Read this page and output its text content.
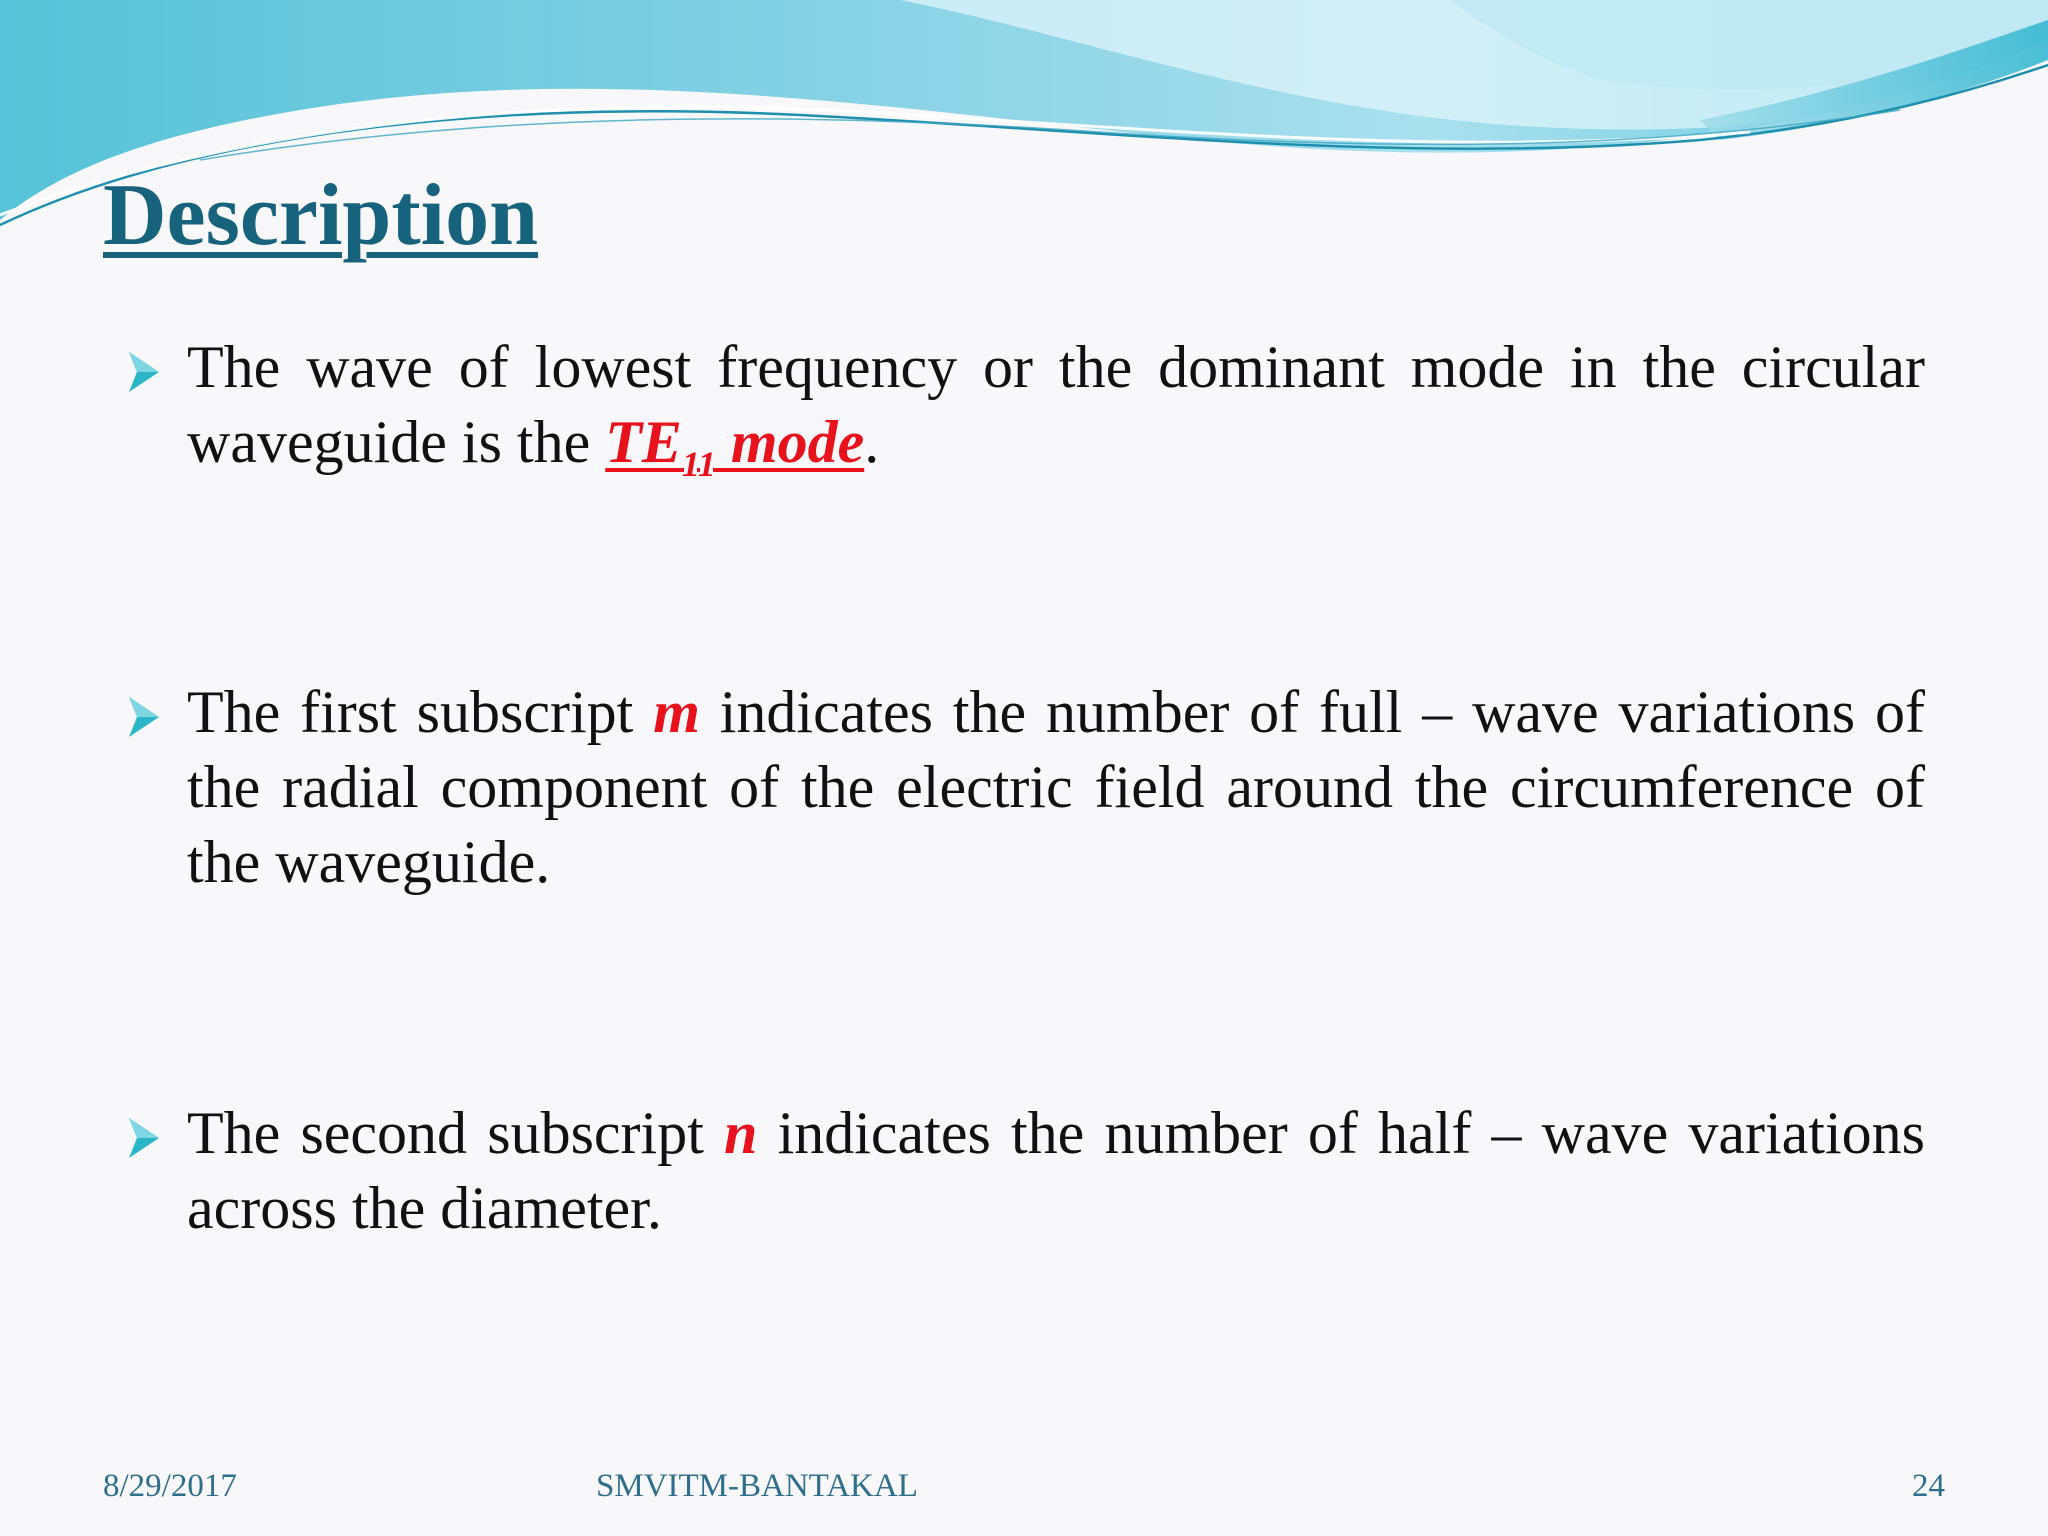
Description
The wave of lowest frequency or the dominant mode in the circular waveguide is the $TE_{11}$ mode.
The first subscript m indicates the number of full – wave variations of the radial component of the electric field around the circumference of the waveguide.
The second subscript n indicates the number of half – wave variations across the diameter.
8/29/2017	SMVITM-BANTAKAL	24
